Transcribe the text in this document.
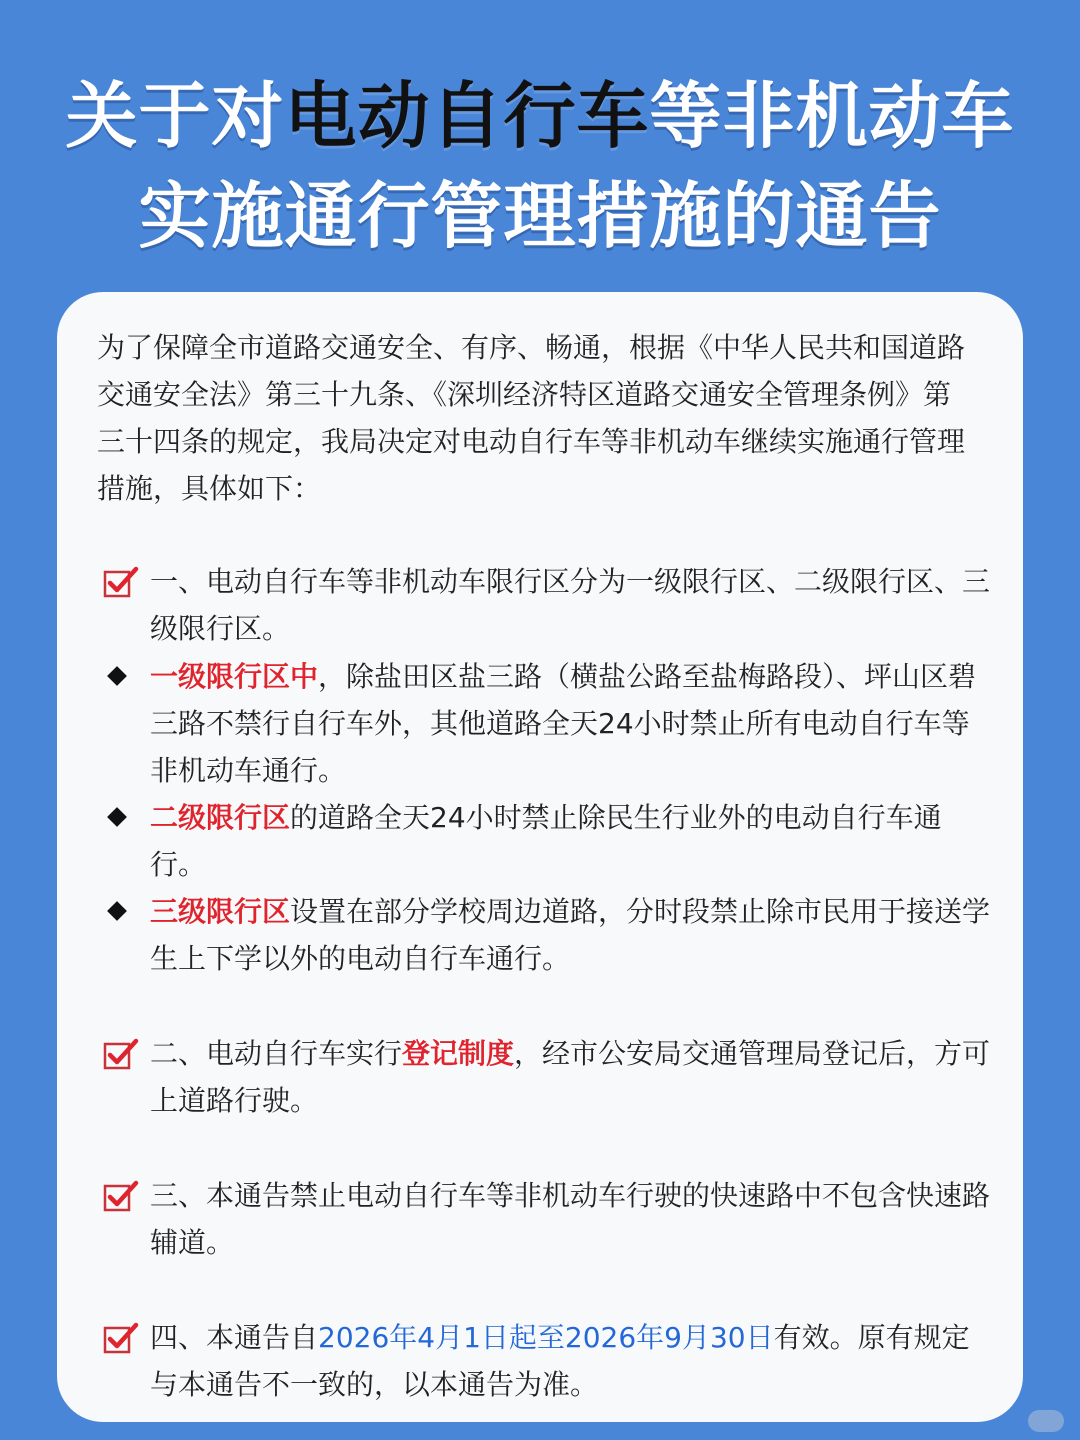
关于对电动自行车等非机动车
实施通行管理措施的通告

为了保障全市道路交通安全、有序、畅通，根据《中华人民共和国道路交通安全法》第三十九条、《深圳经济特区道路交通安全管理条例》第三十四条的规定，我局决定对电动自行车等非机动车继续实施通行管理措施，具体如下：

一、电动自行车等非机动车限行区分为一级限行区、二级限行区、三级限行区。
一级限行区中，除盐田区盐三路（横盐公路至盐梅路段）、坪山区碧三路不禁行自行车外，其他道路全天24小时禁止所有电动自行车等非机动车通行。
二级限行区的道路全天24小时禁止除民生行业外的电动自行车通行。
三级限行区设置在部分学校周边道路，分时段禁止除市民用于接送学生上下学以外的电动自行车通行。
二、电动自行车实行登记制度，经市公安局交通管理局登记后，方可上道路行驶。
三、本通告禁止电动自行车等非机动车行驶的快速路中不包含快速路辅道。
四、本通告自2026年4月1日起至2026年9月30日有效。原有规定与本通告不一致的，以本通告为准。
